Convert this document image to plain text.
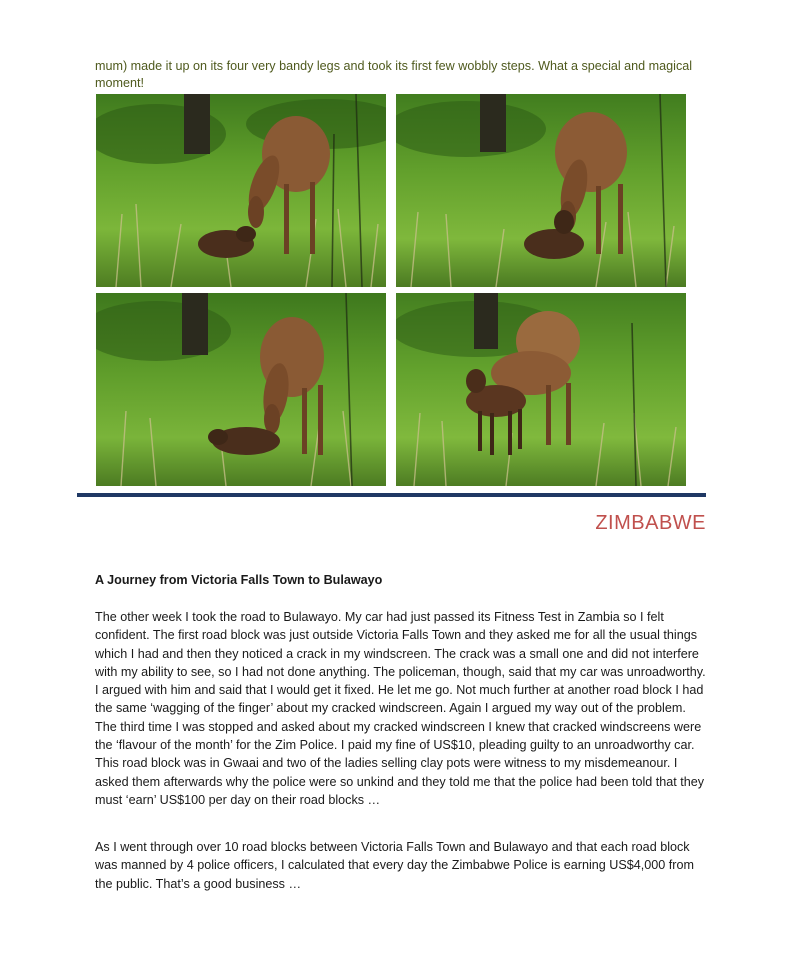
mum) made it up on its four very bandy legs and took its first few wobbly steps. What a special and magical moment!

ZIMBABWE
A Journey from Victoria Falls Town to Bulawayo

The other week I took the road to Bulawayo. My car had just passed its Fitness Test in Zambia so I felt confident. The first road block was just outside Victoria Falls Town and they asked me for all the usual things which I had and then they noticed a crack in my windscreen. The crack was a small one and did not interfere with my ability to see, so I had not done anything. The policeman, though, said that my car was unroadworthy. I argued with him and said that I would get it fixed. He let me go. Not much further at another road block I had the same ‘wagging of the finger’ about my cracked windscreen. Again I argued my way out of the problem. The third time I was stopped and asked about my cracked windscreen I knew that cracked windscreens were the ‘flavour of the month’ for the Zim Police. I paid my fine of US$10, pleading guilty to an unroadworthy car. This road block was in Gwaai and two of the ladies selling clay pots were witness to my misdemeanour. I asked them afterwards why the police were so unkind and they told me that the police had been told that they must ‘earn’ US$100 per day on their road blocks …

As I went through over 10 road blocks between Victoria Falls Town and Bulawayo and that each road block was manned by 4 police officers, I calculated that every day the Zimbabwe Police is earning US$4,000 from the public. That’s a good business …
